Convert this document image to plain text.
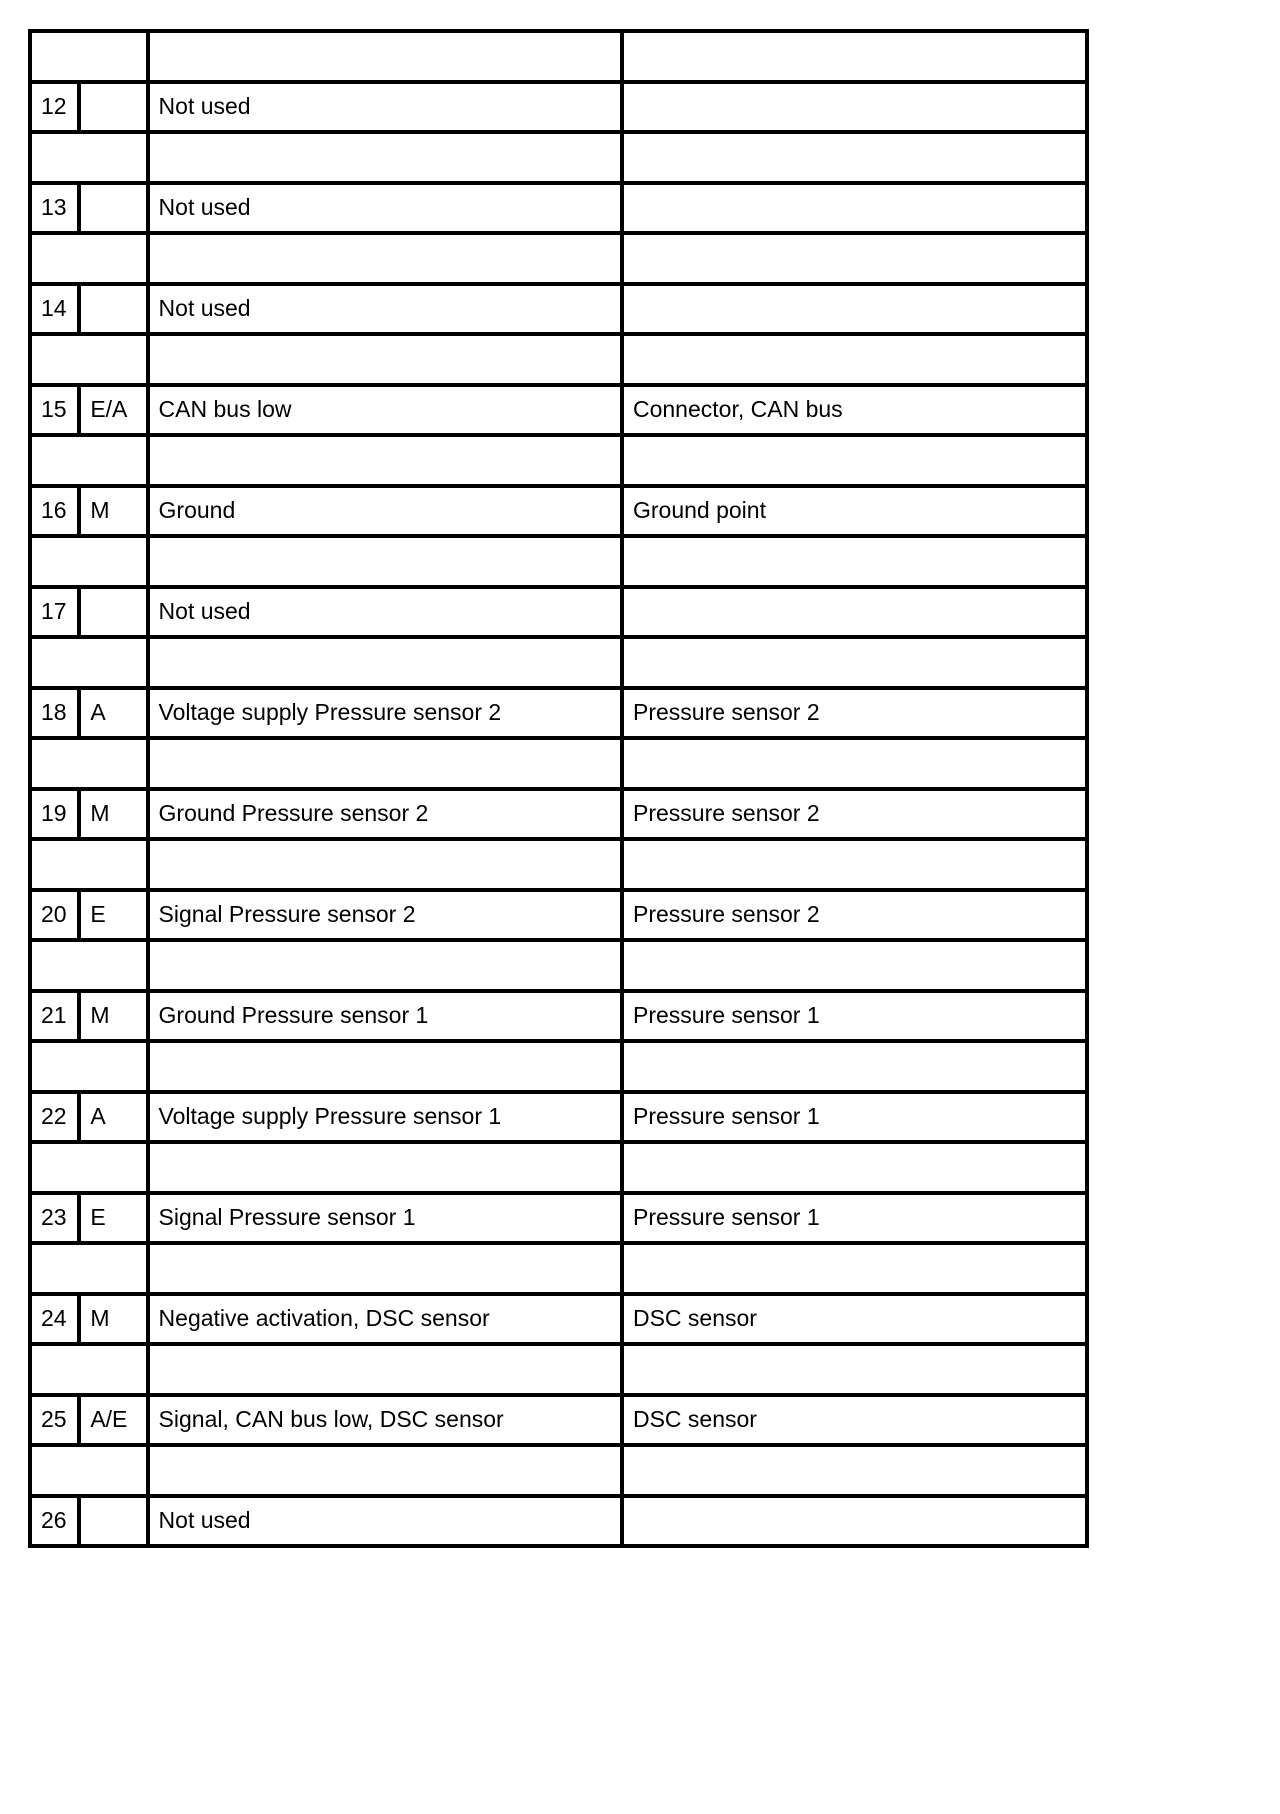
12		Not used	

13		Not used	

14		Not used	

15	E/A	CAN bus low	Connector, CAN bus

16	M	Ground	Ground point

17		Not used	

18	A	Voltage supply Pressure sensor 2	Pressure sensor 2

19	M	Ground Pressure sensor 2	Pressure sensor 2

20	E	Signal Pressure sensor 2	Pressure sensor 2

21	M	Ground Pressure sensor 1	Pressure sensor 1

22	A	Voltage supply Pressure sensor 1	Pressure sensor 1

23	E	Signal Pressure sensor 1	Pressure sensor 1

24	M	Negative activation, DSC sensor	DSC sensor

25	A/E	Signal, CAN bus low, DSC sensor	DSC sensor

26		Not used	
